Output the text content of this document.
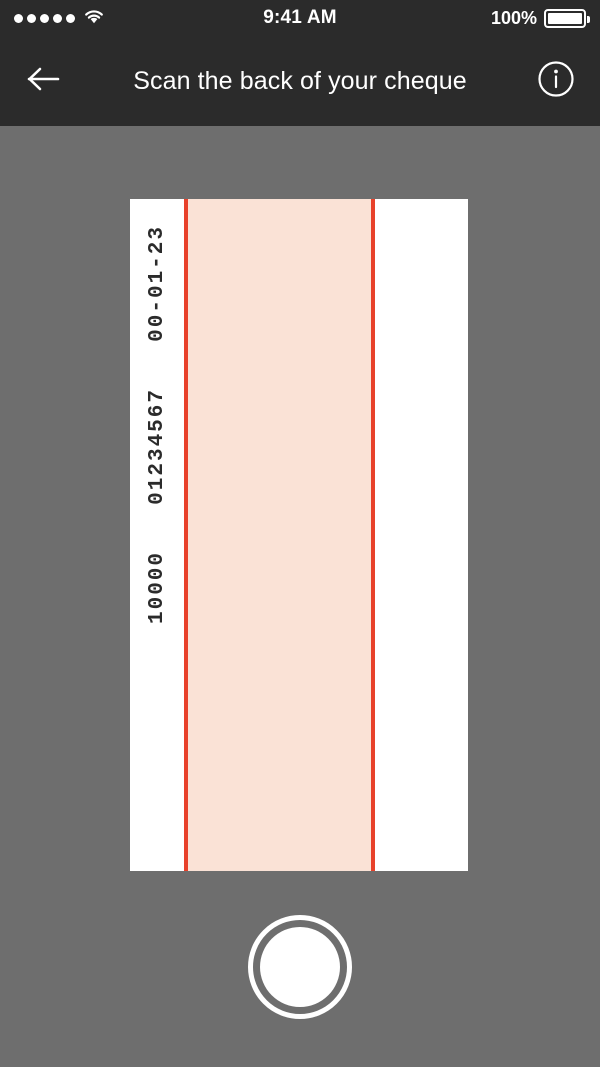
9:41 AM	100%
Scan the back of your cheque
00-01-23
01234567
10000
